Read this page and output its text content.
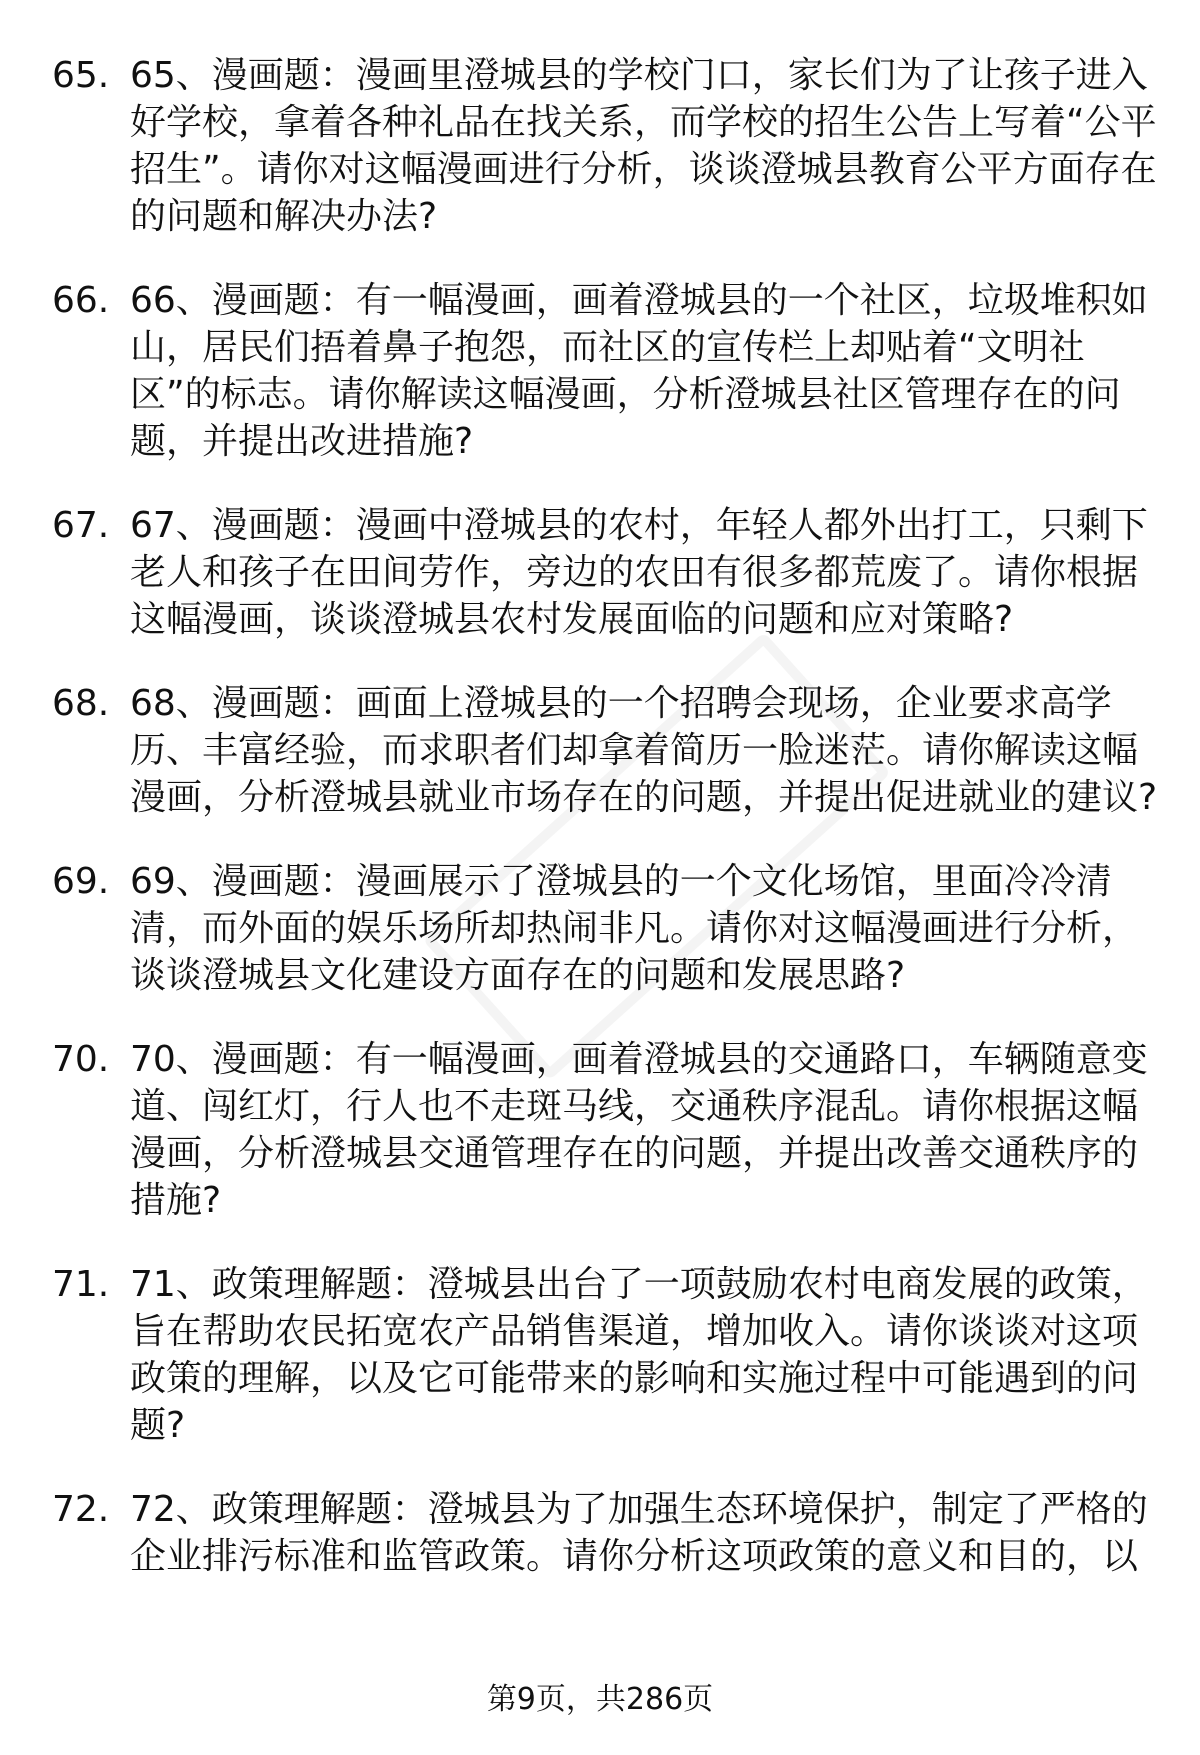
65. 65、漫画题：漫画里澄城县的学校门口，家长们为了让孩子进入好学校，拿着各种礼品在找关系，而学校的招生公告上写着“公平招生”。请你对这幅漫画进行分析，谈谈澄城县教育公平方面存在的问题和解决办法?
66. 66、漫画题：有一幅漫画，画着澄城县的一个社区，垃圾堆积如山，居民们捂着鼻子抱怨，而社区的宣传栏上却贴着“文明社区”的标志。请你解读这幅漫画，分析澄城县社区管理存在的问题，并提出改进措施?
67. 67、漫画题：漫画中澄城县的农村，年轻人都外出打工，只剩下老人和孩子在田间劳作，旁边的农田有很多都荒废了。请你根据这幅漫画，谈谈澄城县农村发展面临的问题和应对策略?
68. 68、漫画题：画面上澄城县的一个招聘会现场，企业要求高学历、丰富经验，而求职者们却拿着简历一脸迷茫。请你解读这幅漫画，分析澄城县就业市场存在的问题，并提出促进就业的建议?
69. 69、漫画题：漫画展示了澄城县的一个文化场馆，里面冷冷清清，而外面的娱乐场所却热闹非凡。请你对这幅漫画进行分析，谈谈澄城县文化建设方面存在的问题和发展思路?
70. 70、漫画题：有一幅漫画，画着澄城县的交通路口，车辆随意变道、闯红灯，行人也不走斑马线，交通秩序混乱。请你根据这幅漫画，分析澄城县交通管理存在的问题，并提出改善交通秩序的措施?
71. 71、政策理解题：澄城县出台了一项鼓励农村电商发展的政策，旨在帮助农民拓宽农产品销售渠道，增加收入。请你谈谈对这项政策的理解，以及它可能带来的影响和实施过程中可能遇到的问题?
72. 72、政策理解题：澄城县为了加强生态环境保护，制定了严格的企业排污标准和监管政策。请你分析这项政策的意义和目的，以
第9页，共286页
